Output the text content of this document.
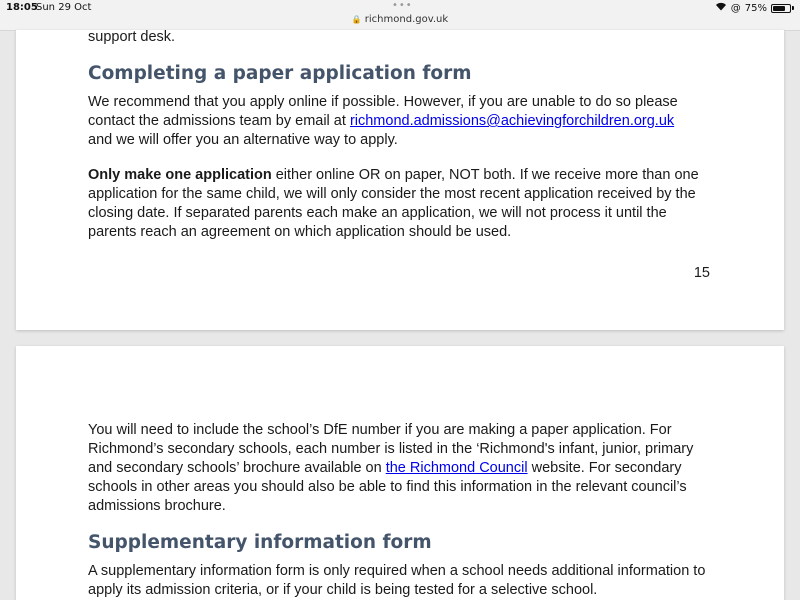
18:05
Sun 29 Oct	•••
🔒 richmond.gov.uk
@ 75%

support desk.

Completing a paper application form

We recommend that you apply online if possible. However, if you are unable to do so please contact the admissions team by email at richmond.admissions@achievingforchildren.org.uk
and we will offer you an alternative way to apply.

Only make one application either online OR on paper, NOT both. If we receive more than one application for the same child, we will only consider the most recent application received by the closing date. If separated parents each make an application, we will not process it until the parents reach an agreement on which application should be used.

15

You will need to include the school’s DfE number if you are making a paper application. For Richmond’s secondary schools, each number is listed in the ‘Richmond's infant, junior, primary and secondary schools’ brochure available on the Richmond Council website. For secondary schools in other areas you should also be able to find this information in the relevant council’s admissions brochure.

Supplementary information form

A supplementary information form is only required when a school needs additional information to apply its admission criteria, or if your child is being tested for a selective school.
